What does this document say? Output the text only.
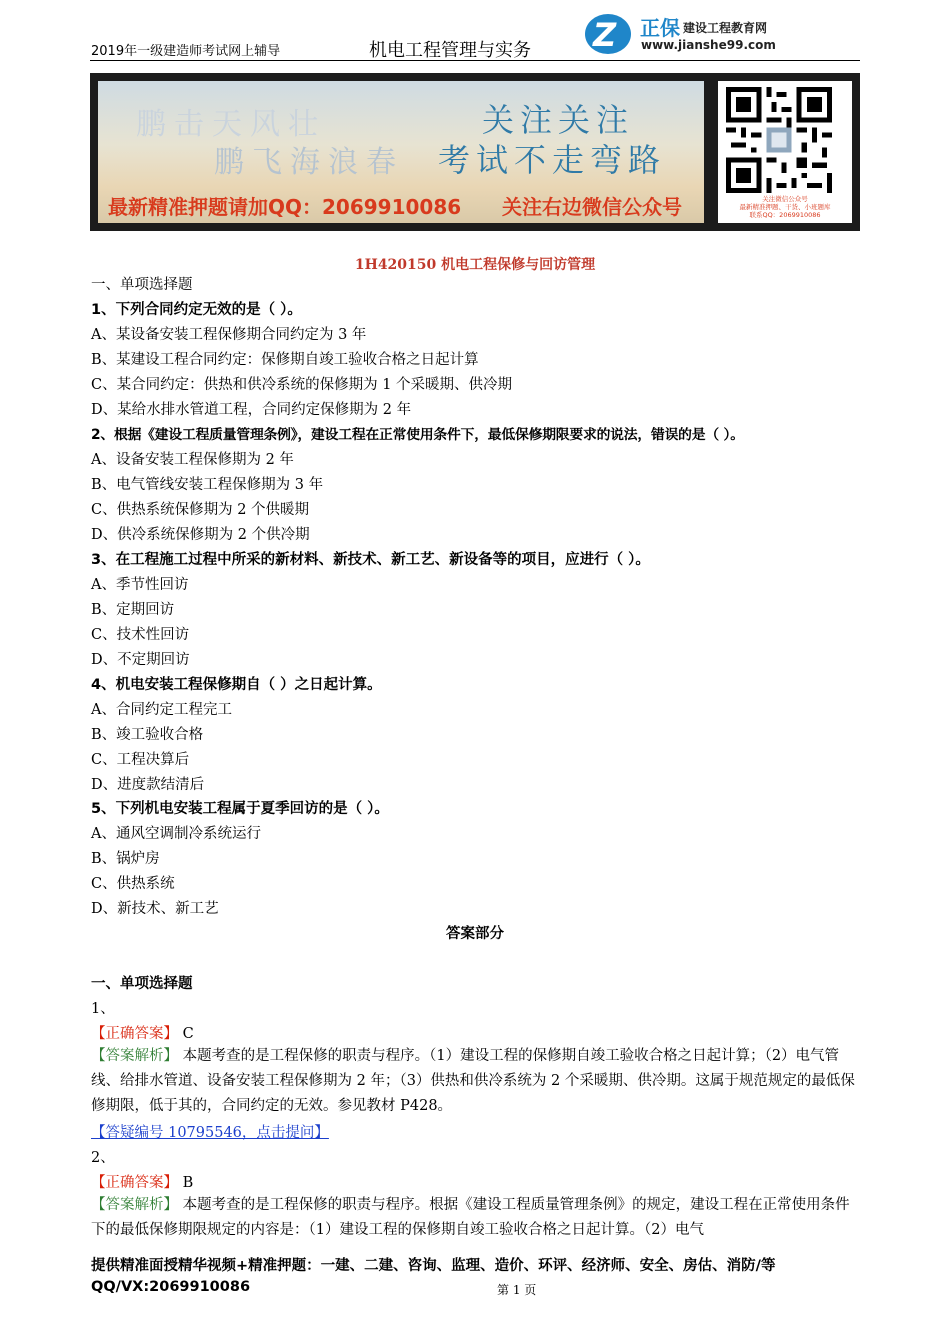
2019年一级建造师考试网上辅导	机电工程管理与实务 Z 正保 建设工程教育网
www.jianshe99.com
鹏击天风壮
鹏飞海浪春
关注关注
考试不走弯路
最新精准押题请加QQ：2069910086 关注右边微信公众号	关注微信公众号
最新精准押题、干货、小班题库
联系QQ：2069910086
1H420150 机电工程保修与回访管理
一、单项选择题
1、下列合同约定无效的是（ ）。
A、某设备安装工程保修期合同约定为 3 年
B、某建设工程合同约定：保修期自竣工验收合格之日起计算
C、某合同约定：供热和供冷系统的保修期为 1 个采暖期、供冷期
D、某给水排水管道工程，合同约定保修期为 2 年
2、根据《建设工程质量管理条例》，建设工程在正常使用条件下，最低保修期限要求的说法，错误的是（ ）。
A、设备安装工程保修期为 2 年
B、电气管线安装工程保修期为 3 年
C、供热系统保修期为 2 个供暖期
D、供冷系统保修期为 2 个供冷期
3、在工程施工过程中所采的新材料、新技术、新工艺、新设备等的项目，应进行（ ）。
A、季节性回访
B、定期回访
C、技术性回访
D、不定期回访
4、机电安装工程保修期自（ ）之日起计算。
A、合同约定工程完工
B、竣工验收合格
C、工程决算后
D、进度款结清后
5、下列机电安装工程属于夏季回访的是（ ）。
A、通风空调制冷系统运行
B、锅炉房
C、供热系统
D、新技术、新工艺
答案部分
一、单项选择题
1、
【正确答案】 C
【答案解析】 本题考查的是工程保修的职责与程序。（1）建设工程的保修期自竣工验收合格之日起计算；（2）电气管线、给排水管道、设备安装工程保修期为 2 年；（3）供热和供冷系统为 2 个采暖期、供冷期。这属于规范规定的最低保修期限，低于其的，合同约定的无效。参见教材 P428。
【答疑编号 10795546，点击提问】
2、
【正确答案】 B
【答案解析】 本题考查的是工程保修的职责与程序。根据《建设工程质量管理条例》的规定，建设工程在正常使用条件下的最低保修期限规定的内容是：（1）建设工程的保修期自竣工验收合格之日起计算。（2）电气
提供精准面授精华视频+精准押题：一建、二建、咨询、监理、造价、环评、经济师、安全、房估、消防/等
QQ/VX:2069910086	第 1 页
